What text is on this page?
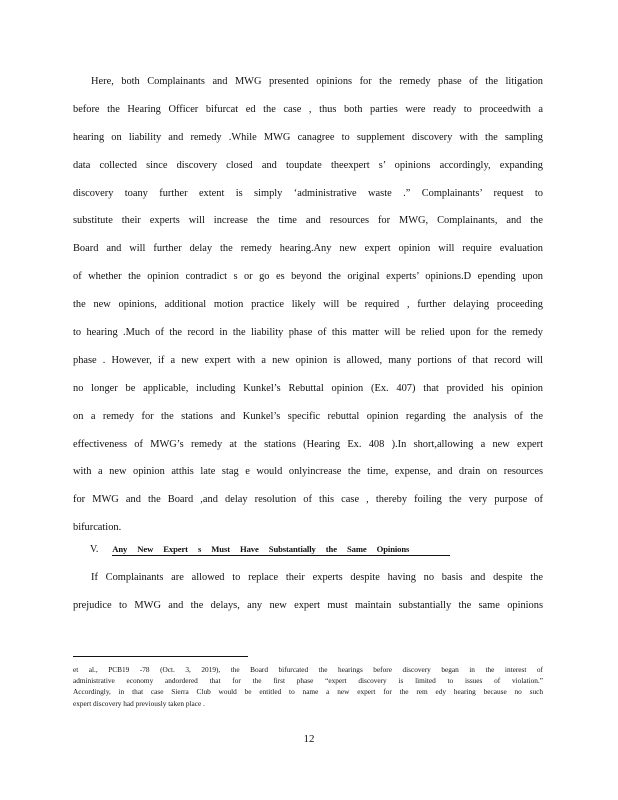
Here, both Complainants and MWG presented opinions for the remedy phase of the litigation
before the Hearing Officer bifurcat ed the case , thus both parties were ready to proceedwith a
hearing on liability and remedy .While MWG canagree to supplement discovery with the sampling
data collected since discovery closed and toupdate theexpert s’ opinions accordingly, expanding
discovery toany further extent is simply ‘administrative waste .” Complainants’ request to
substitute their experts will increase the time and resources for MWG, Complainants, and the
Board and will further delay the remedy hearing.Any new expert opinion will require evaluation
of whether the opinion contradict s or go es beyond the original experts’ opinions.D epending upon
the new opinions, additional motion practice likely will be required , further delaying proceeding
to hearing .Much of the record in the liability phase of this matter will be relied upon for the remedy
phase . However, if a new expert with a new opinion is allowed, many portions of that record will
no longer be applicable, including Kunkel’s Rebuttal opinion (Ex. 407) that provided his opinion
on a remedy for the stations and Kunkel’s specific rebuttal opinion regarding the analysis of the
effectiveness of MWG’s remedy at the stations (Hearing Ex. 408 ).In short,allowing a new expert
with a new opinion atthis late stag e would onlyincrease the time, expense, and drain on resources
for MWG and the Board ,and delay resolution of this case , thereby foiling the very purpose of
bifurcation.
V. Any New Expert s Must Have Substantially the Same Opinions
If Complainants are allowed to replace their experts despite having no basis and despite the
prejudice to MWG and the delays, any new expert must maintain substantially the same opinions
et al., PCB19 -78 (Oct. 3, 2019), the Board bifurcated the hearings before discovery began in the interest of
administrative economy andordered that for the first phase “expert discovery is limited to issues of violation.”
Accordingly, in that case Sierra Club would be entitled to name a new expert for the rem edy hearing because no such
expert discovery had previously taken place .
12
